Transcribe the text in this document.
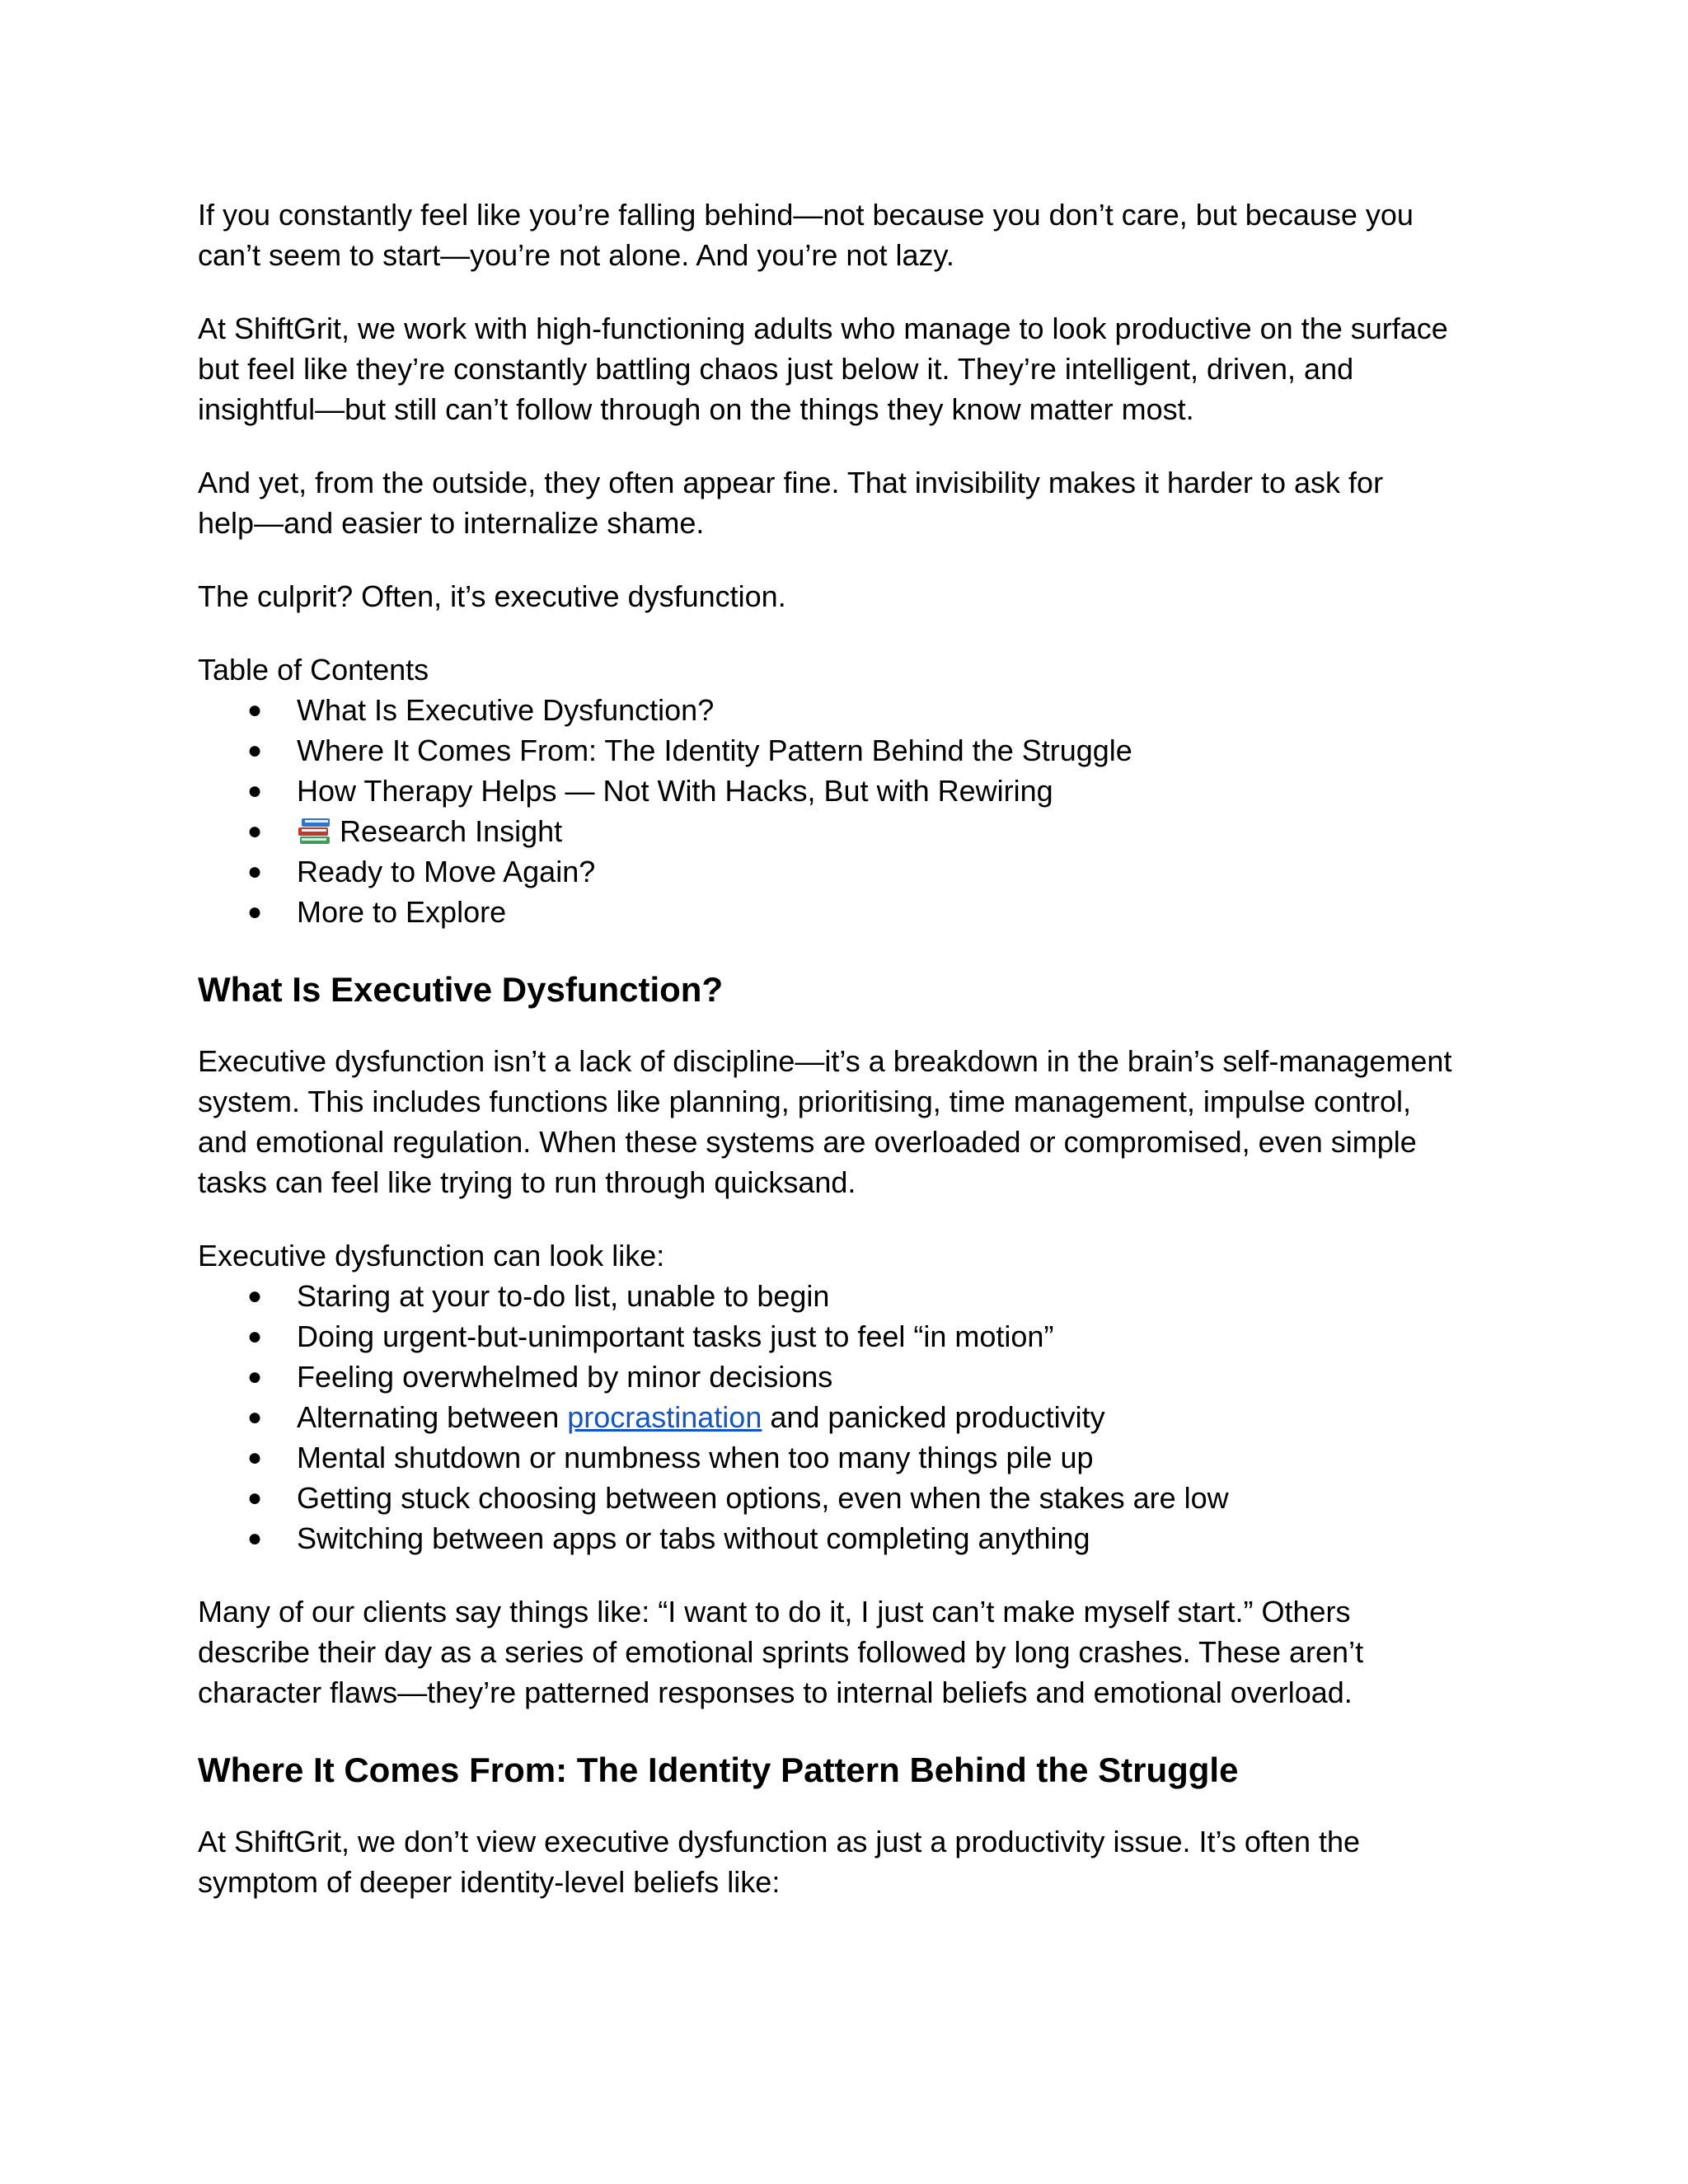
If you constantly feel like you’re falling behind—not because you don’t care, but because you
can’t seem to start—you’re not alone. And you’re not lazy.

At ShiftGrit, we work with high-functioning adults who manage to look productive on the surface
but feel like they’re constantly battling chaos just below it. They’re intelligent, driven, and
insightful—but still can’t follow through on the things they know matter most.

And yet, from the outside, they often appear fine. That invisibility makes it harder to ask for
help—and easier to internalize shame.

The culprit? Often, it’s executive dysfunction.

Table of Contents

● What Is Executive Dysfunction?
● Where It Comes From: The Identity Pattern Behind the Struggle
● How Therapy Helps — Not With Hacks, But with Rewiring
●	Research Insight
● Ready to Move Again?
● More to Explore
What Is Executive Dysfunction?

Executive dysfunction isn’t a lack of discipline—it’s a breakdown in the brain’s self-management
system. This includes functions like planning, prioritising, time management, impulse control,
and emotional regulation. When these systems are overloaded or compromised, even simple
tasks can feel like trying to run through quicksand.

Executive dysfunction can look like:

● Staring at your to-do list, unable to begin
● Doing urgent-but-unimportant tasks just to feel “in motion”
● Feeling overwhelmed by minor decisions
● Alternating between procrastination and panicked productivity
● Mental shutdown or numbness when too many things pile up
● Getting stuck choosing between options, even when the stakes are low
● Switching between apps or tabs without completing anything

Many of our clients say things like: “I want to do it, I just can’t make myself start.” Others
describe their day as a series of emotional sprints followed by long crashes. These aren’t
character flaws—they’re patterned responses to internal beliefs and emotional overload.

Where It Comes From: The Identity Pattern Behind the Struggle

At ShiftGrit, we don’t view executive dysfunction as just a productivity issue. It’s often the
symptom of deeper identity-level beliefs like:
